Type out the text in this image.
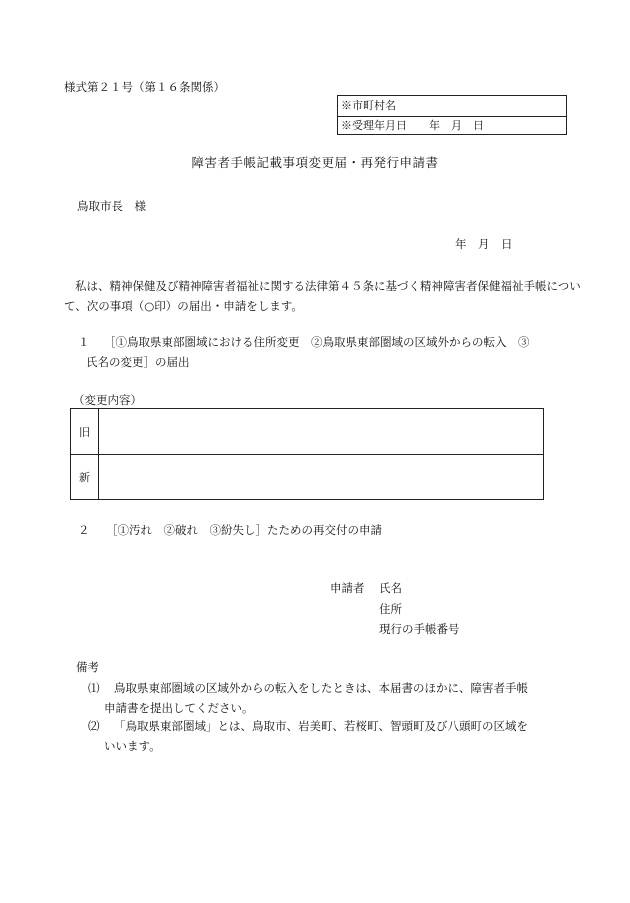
様式第２１号（第１６条関係）
※市町村名
※受理年月日　　年　月　日
障害者手帳記載事項変更届・再発行申請書
鳥取市長　様
年　月　日
私は、精神保健及び精神障害者福祉に関する法律第４５条に基づく精神障害者保健福祉手帳について、次の事項（○印）の届出・申請をします。
１ ［①鳥取県東部圏域における住所変更　②鳥取県東部圏域の区域外からの転入　③
氏名の変更］の届出
（変更内容）
旧
新
２ ［①汚れ　②破れ　③紛失し］たための再交付の申請
申請者 氏名
住所
現行の手帳番号
備考
⑴ 鳥取県東部圏域の区域外からの転入をしたときは、本届書のほかに、障害者手帳
申請書を提出してください。
⑵ 「鳥取県東部圏域」とは、鳥取市、岩美町、若桜町、智頭町及び八頭町の区域を
いいます。
